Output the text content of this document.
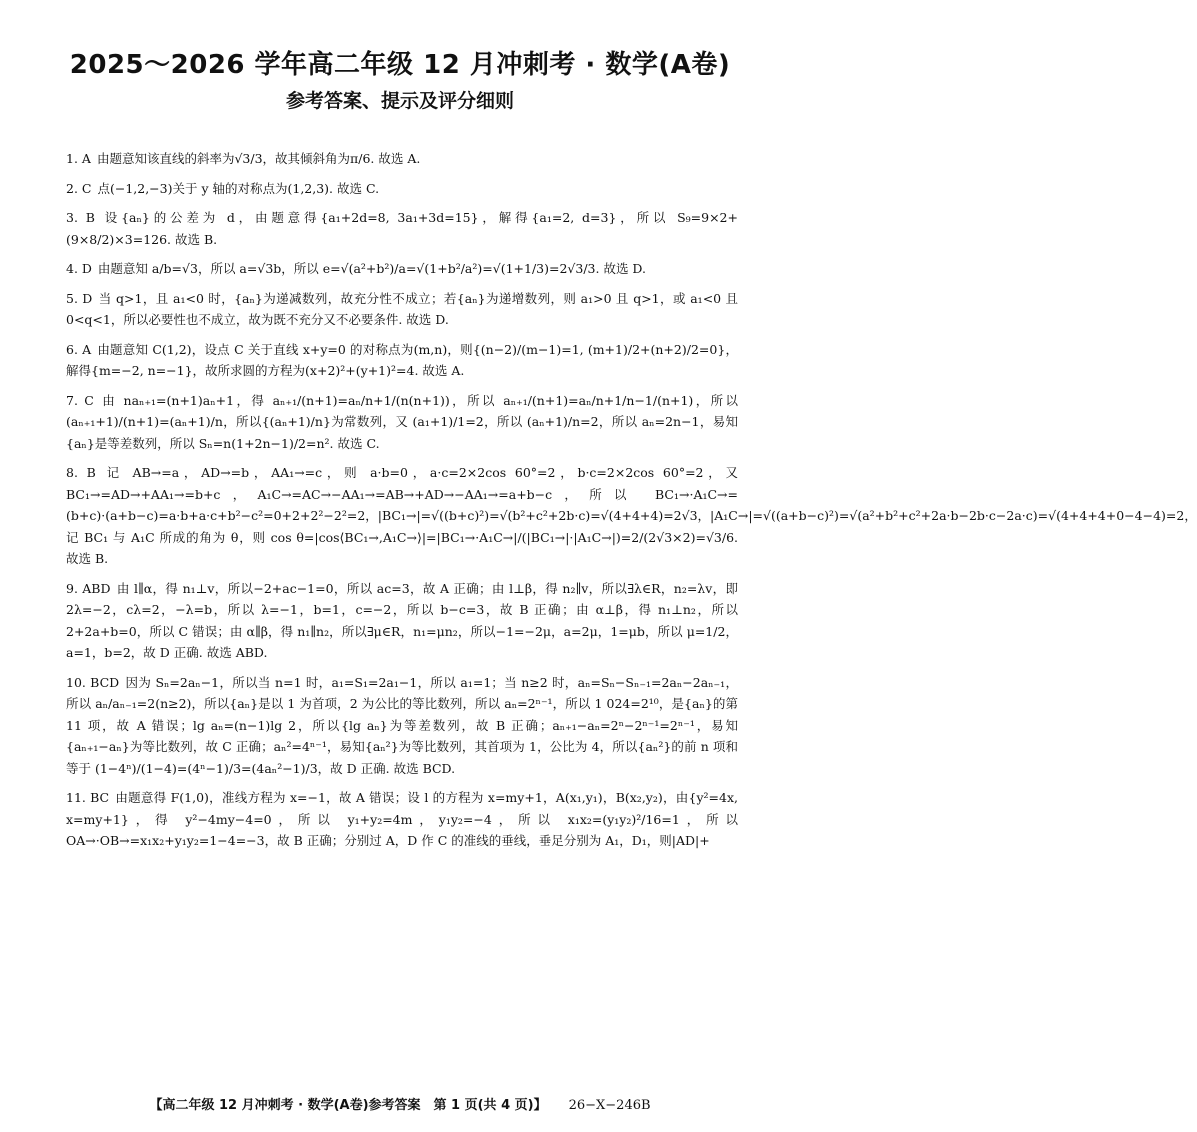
2025～2026 学年高二年级 12 月冲刺考 · 数学(A卷)
参考答案、提示及评分细则

1. A 由题意知该直线的斜率为√3/3，故其倾斜角为π/6. 故选 A.

2. C 点(−1,2,−3)关于 y 轴的对称点为(1,2,3). 故选 C.

3. B 设{aₙ}的公差为 d，由题意得{a₁+2d=8, 3a₁+3d=15}，解得{a₁=2, d=3}，所以 S₉=9×2+(9×8/2)×3=126. 故选 B.

4. D 由题意知 a/b=√3，所以 a=√3b，所以 e=√(a²+b²)/a=√(1+b²/a²)=√(1+1/3)=2√3/3. 故选 D.

5. D 当 q>1，且 a₁<0 时，{aₙ}为递减数列，故充分性不成立；若{aₙ}为递增数列，则 a₁>0 且 q>1，或 a₁<0 且 0<q<1，所以必要性也不成立，故为既不充分又不必要条件. 故选 D.

6. A 由题意知 C(1,2)，设点 C 关于直线 x+y=0 的对称点为(m,n)，则{(n−2)/(m−1)=1, (m+1)/2+(n+2)/2=0}，解得{m=−2, n=−1}，故所求圆的方程为(x+2)²+(y+1)²=4. 故选 A.

7. C 由 naₙ₊₁=(n+1)aₙ+1，得 aₙ₊₁/(n+1)=aₙ/n+1/(n(n+1))，所以 aₙ₊₁/(n+1)=aₙ/n+1/n−1/(n+1)，所以 (aₙ₊₁+1)/(n+1)=(aₙ+1)/n，所以{(aₙ+1)/n}为常数列，又 (a₁+1)/1=2，所以 (aₙ+1)/n=2，所以 aₙ=2n−1，易知{aₙ}是等差数列，所以 Sₙ=n(1+2n−1)/2=n². 故选 C.

8. B 记 AB→=a，AD→=b，AA₁→=c，则 a·b=0，a·c=2×2cos 60°=2，b·c=2×2cos 60°=2，又 BC₁→=AD→+AA₁→=b+c，A₁C→=AC→−AA₁→=AB→+AD→−AA₁→=a+b−c，所以 BC₁→·A₁C→=(b+c)·(a+b−c)=a·b+a·c+b²−c²=0+2+2²−2²=2，|BC₁→|=√((b+c)²)=√(b²+c²+2b·c)=√(4+4+4)=2√3，|A₁C→|=√((a+b−c)²)=√(a²+b²+c²+2a·b−2b·c−2a·c)=√(4+4+4+0−4−4)=2，记 BC₁ 与 A₁C 所成的角为 θ，则 cos θ=|cos⟨BC₁→,A₁C→⟩|=|BC₁→·A₁C→|/(|BC₁→|·|A₁C→|)=2/(2√3×2)=√3/6. 故选 B.

9. ABD 由 l∥α，得 n₁⊥v，所以−2+ac−1=0，所以 ac=3，故 A 正确；由 l⊥β，得 n₂∥v，所以∃λ∈R，n₂=λv，即 2λ=−2，cλ=2，−λ=b，所以 λ=−1，b=1，c=−2，所以 b−c=3，故 B 正确；由 α⊥β，得 n₁⊥n₂，所以 2+2a+b=0，所以 C 错误；由 α∥β，得 n₁∥n₂，所以∃μ∈R，n₁=μn₂，所以−1=−2μ，a=2μ，1=μb，所以 μ=1/2，a=1，b=2，故 D 正确. 故选 ABD.

10. BCD 因为 Sₙ=2aₙ−1，所以当 n=1 时，a₁=S₁=2a₁−1，所以 a₁=1；当 n≥2 时，aₙ=Sₙ−Sₙ₋₁=2aₙ−2aₙ₋₁，所以 aₙ/aₙ₋₁=2(n≥2)，所以{aₙ}是以 1 为首项，2 为公比的等比数列，所以 aₙ=2ⁿ⁻¹，所以 1 024=2¹⁰，是{aₙ}的第 11 项，故 A 错误；lg aₙ=(n−1)lg 2，所以{lg aₙ}为等差数列，故 B 正确；aₙ₊₁−aₙ=2ⁿ−2ⁿ⁻¹=2ⁿ⁻¹，易知{aₙ₊₁−aₙ}为等比数列，故 C 正确；aₙ²=4ⁿ⁻¹，易知{aₙ²}为等比数列，其首项为 1，公比为 4，所以{aₙ²}的前 n 项和等于 (1−4ⁿ)/(1−4)=(4ⁿ−1)/3=(4aₙ²−1)/3，故 D 正确. 故选 BCD.

11. BC 由题意得 F(1,0)，准线方程为 x=−1，故 A 错误；设 l 的方程为 x=my+1，A(x₁,y₁)，B(x₂,y₂)，由{y²=4x, x=my+1}，得 y²−4my−4=0，所以 y₁+y₂=4m，y₁y₂=−4，所以 x₁x₂=(y₁y₂)²/16=1，所以 OA→·OB→=x₁x₂+y₁y₂=1−4=−3，故 B 正确；分别过 A，D 作 C 的准线的垂线，垂足分别为 A₁，D₁，则|AD|+

【高二年级 12 月冲刺考 · 数学(A卷)参考答案　第 1 页(共 4 页)】 26−X−246B
